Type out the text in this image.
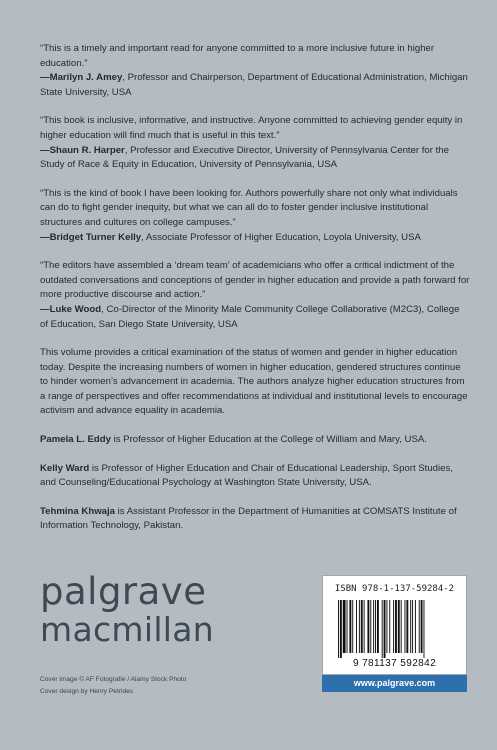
“This is a timely and important read for anyone committed to a more inclusive future in higher education.”

—Marilyn J. Amey, Professor and Chairperson, Department of Educational Administration, Michigan State University, USA

“This book is inclusive, informative, and instructive. Anyone committed to achieving gender equity in higher education will find much that is useful in this text.”

—Shaun R. Harper, Professor and Executive Director, University of Pennsylvania Center for the Study of Race & Equity in Education, University of Pennsylvania, USA

“This is the kind of book I have been looking for. Authors powerfully share not only what individuals can do to fight gender inequity, but what we can all do to foster gender inclusive institutional structures and cultures on college campuses.”

—Bridget Turner Kelly, Associate Professor of Higher Education, Loyola University, USA

“The editors have assembled a ‘dream team’ of academicians who offer a critical indictment of the outdated conversations and conceptions of gender in higher education and provide a path forward for more productive discourse and action.”

—Luke Wood, Co-Director of the Minority Male Community College Collaborative (M2C3), College of Education, San Diego State University, USA

This volume provides a critical examination of the status of women and gender in higher education today. Despite the increasing numbers of women in higher education, gendered structures continue to hinder women’s advancement in academia. The authors analyze higher education structures from a range of perspectives and offer recommendations at individual and institutional levels to encourage activism and advance equality in academia.

Pamela L. Eddy is Professor of Higher Education at the College of William and Mary, USA.

Kelly Ward is Professor of Higher Education and Chair of Educational Leadership, Sport Studies, and Counseling/Educational Psychology at Washington State University, USA.

Tehmina Khwaja is Assistant Professor in the Department of Humanities at COMSATS Institute of Information Technology, Pakistan.

palgrave
macmillan
Cover image © AF Fotografie / Alamy Stock Photo
Cover design by Henry Petrides
ISBN 978-1-137-59284-2
9 781137 592842
www.palgrave.com
